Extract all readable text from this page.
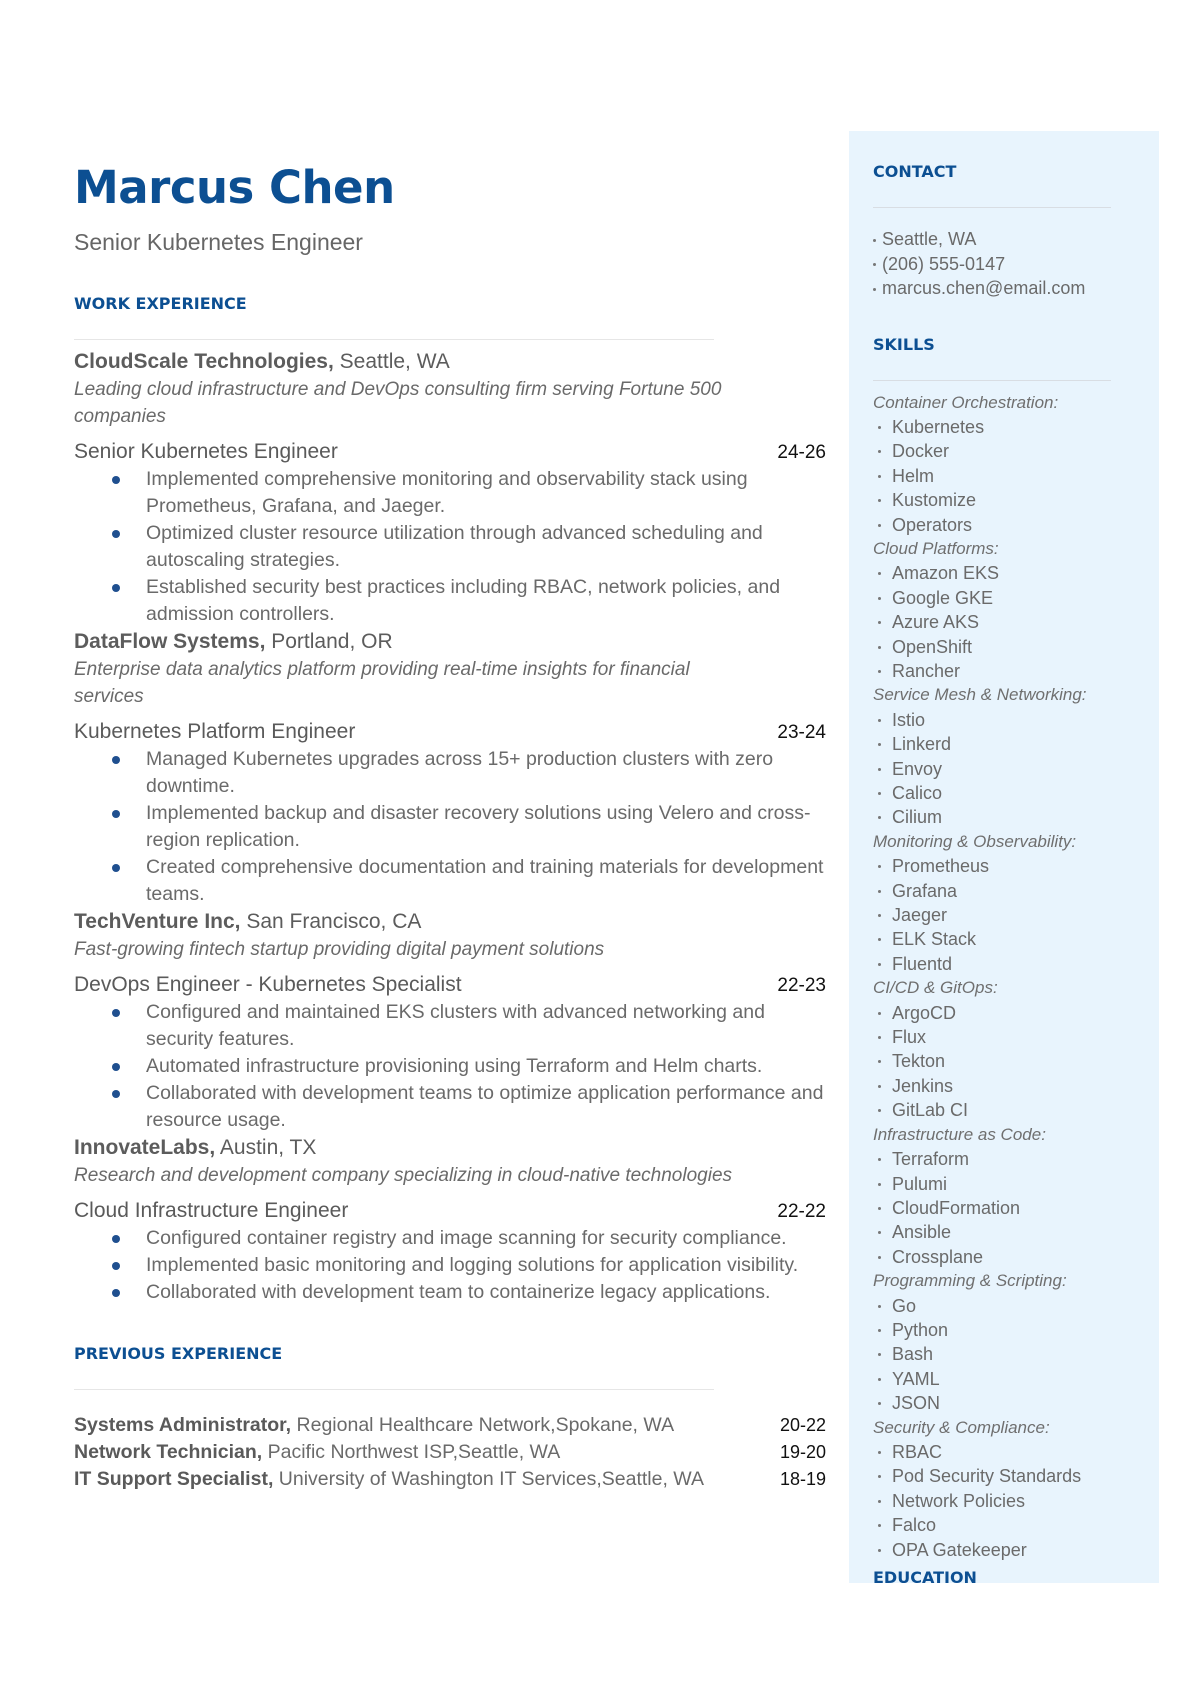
Marcus Chen
Senior Kubernetes Engineer
WORK EXPERIENCE
CloudScale Technologies, Seattle, WA
Leading cloud infrastructure and DevOps consulting firm serving Fortune 500 companies
Senior Kubernetes Engineer	24-26
Implemented comprehensive monitoring and observability stack using Prometheus, Grafana, and Jaeger.
Optimized cluster resource utilization through advanced scheduling and autoscaling strategies.
Established security best practices including RBAC, network policies, and admission controllers.
DataFlow Systems, Portland, OR
Enterprise data analytics platform providing real-time insights for financial services
Kubernetes Platform Engineer	23-24
Managed Kubernetes upgrades across 15+ production clusters with zero downtime.
Implemented backup and disaster recovery solutions using Velero and cross-region replication.
Created comprehensive documentation and training materials for development teams.
TechVenture Inc, San Francisco, CA
Fast-growing fintech startup providing digital payment solutions
DevOps Engineer - Kubernetes Specialist	22-23
Configured and maintained EKS clusters with advanced networking and security features.
Automated infrastructure provisioning using Terraform and Helm charts.
Collaborated with development teams to optimize application performance and resource usage.
InnovateLabs, Austin, TX
Research and development company specializing in cloud-native technologies
Cloud Infrastructure Engineer	22-22
Configured container registry and image scanning for security compliance.
Implemented basic monitoring and logging solutions for application visibility.
Collaborated with development team to containerize legacy applications.
PREVIOUS EXPERIENCE
Systems Administrator, Regional Healthcare Network,Spokane, WA	20-22
Network Technician, Pacific Northwest ISP,Seattle, WA	19-20
IT Support Specialist, University of Washington IT Services,Seattle, WA	18-19
CONTACT
Seattle, WA
(206) 555-0147
marcus.chen@email.com
SKILLS
Container Orchestration:
Kubernetes
Docker
Helm
Kustomize
Operators
Cloud Platforms:
Amazon EKS
Google GKE
Azure AKS
OpenShift
Rancher
Service Mesh & Networking:
Istio
Linkerd
Envoy
Calico
Cilium
Monitoring & Observability:
Prometheus
Grafana
Jaeger
ELK Stack
Fluentd
CI/CD & GitOps:
ArgoCD
Flux
Tekton
Jenkins
GitLab CI
Infrastructure as Code:
Terraform
Pulumi
CloudFormation
Ansible
Crossplane
Programming & Scripting:
Go
Python
Bash
YAML
JSON
Security & Compliance:
RBAC
Pod Security Standards
Network Policies
Falco
OPA Gatekeeper
EDUCATION
